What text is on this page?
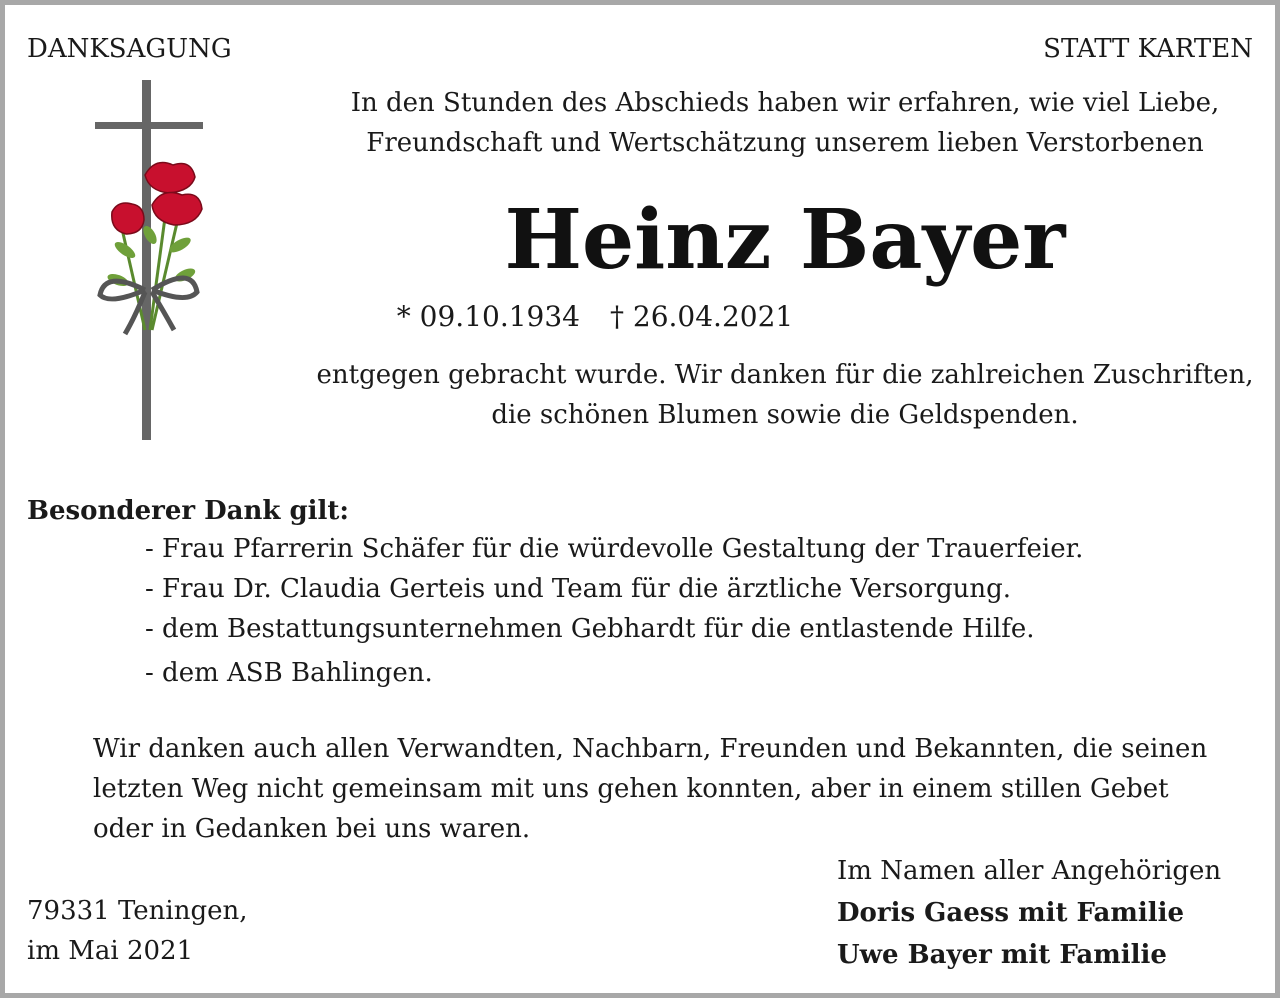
DANKSAGUNG	STATT KARTEN
In den Stunden des Abschieds haben wir erfahren, wie viel Liebe,
Freundschaft und Wertschätzung unserem lieben Verstorbenen
Heinz Bayer
* 09.10.1934 † 26.04.2021
entgegen gebracht wurde. Wir danken für die zahlreichen Zuschriften,
die schönen Blumen sowie die Geldspenden.
Besonderer Dank gilt:
- Frau Pfarrerin Schäfer für die würdevolle Gestaltung der Trauerfeier.
- Frau Dr. Claudia Gerteis und Team für die ärztliche Versorgung.
- dem Bestattungsunternehmen Gebhardt für die entlastende Hilfe.
- dem ASB Bahlingen.
Wir danken auch allen Verwandten, Nachbarn, Freunden und Bekannten, die seinen
letzten Weg nicht gemeinsam mit uns gehen konnten, aber in einem stillen Gebet
oder in Gedanken bei uns waren.
79331 Teningen,
im Mai 2021
Im Namen aller Angehörigen
Doris Gaess mit Familie
Uwe Bayer mit Familie
